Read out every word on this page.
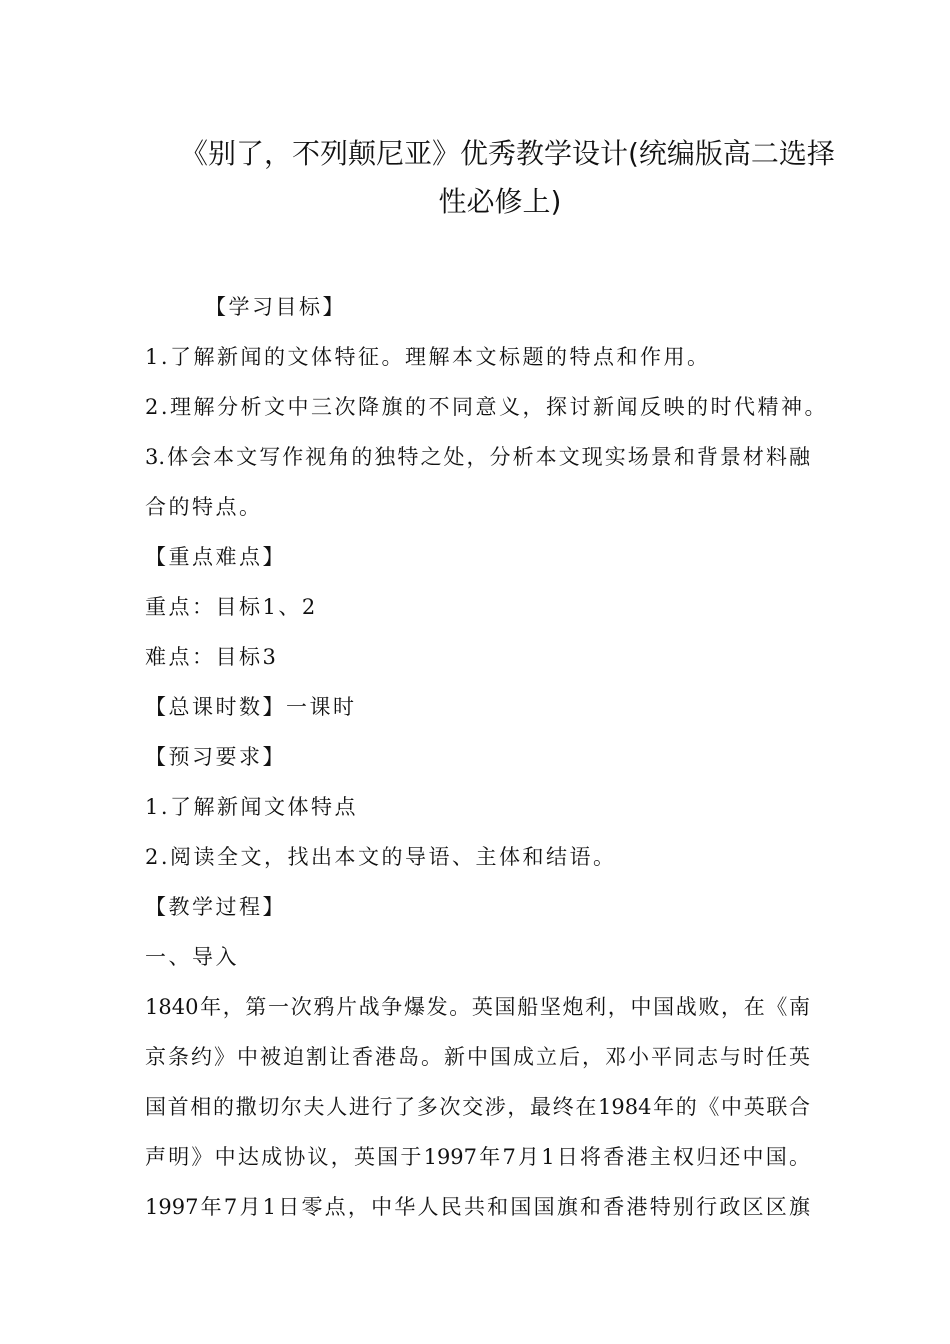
《别了，不列颠尼亚》优秀教学设计(统编版高二选择
性必修上)
【学习目标】
1.了解新闻的文体特征。理解本文标题的特点和作用。
2.理解分析文中三次降旗的不同意义，探讨新闻反映的时代精神。
3.体会本文写作视角的独特之处，分析本文现实场景和背景材料融
合的特点。
【重点难点】
重点：目标1、2
难点：目标3
【总课时数】一课时
【预习要求】
1.了解新闻文体特点
2.阅读全文，找出本文的导语、主体和结语。
【教学过程】
一、导入
1840年，第一次鸦片战争爆发。英国船坚炮利，中国战败，在《南
京条约》中被迫割让香港岛。新中国成立后，邓小平同志与时任英
国首相的撒切尔夫人进行了多次交涉，最终在1984年的《中英联合
声明》中达成协议，英国于1997年7月1日将香港主权归还中国。
1997年7月1日零点，中华人民共和国国旗和香港特别行政区区旗
